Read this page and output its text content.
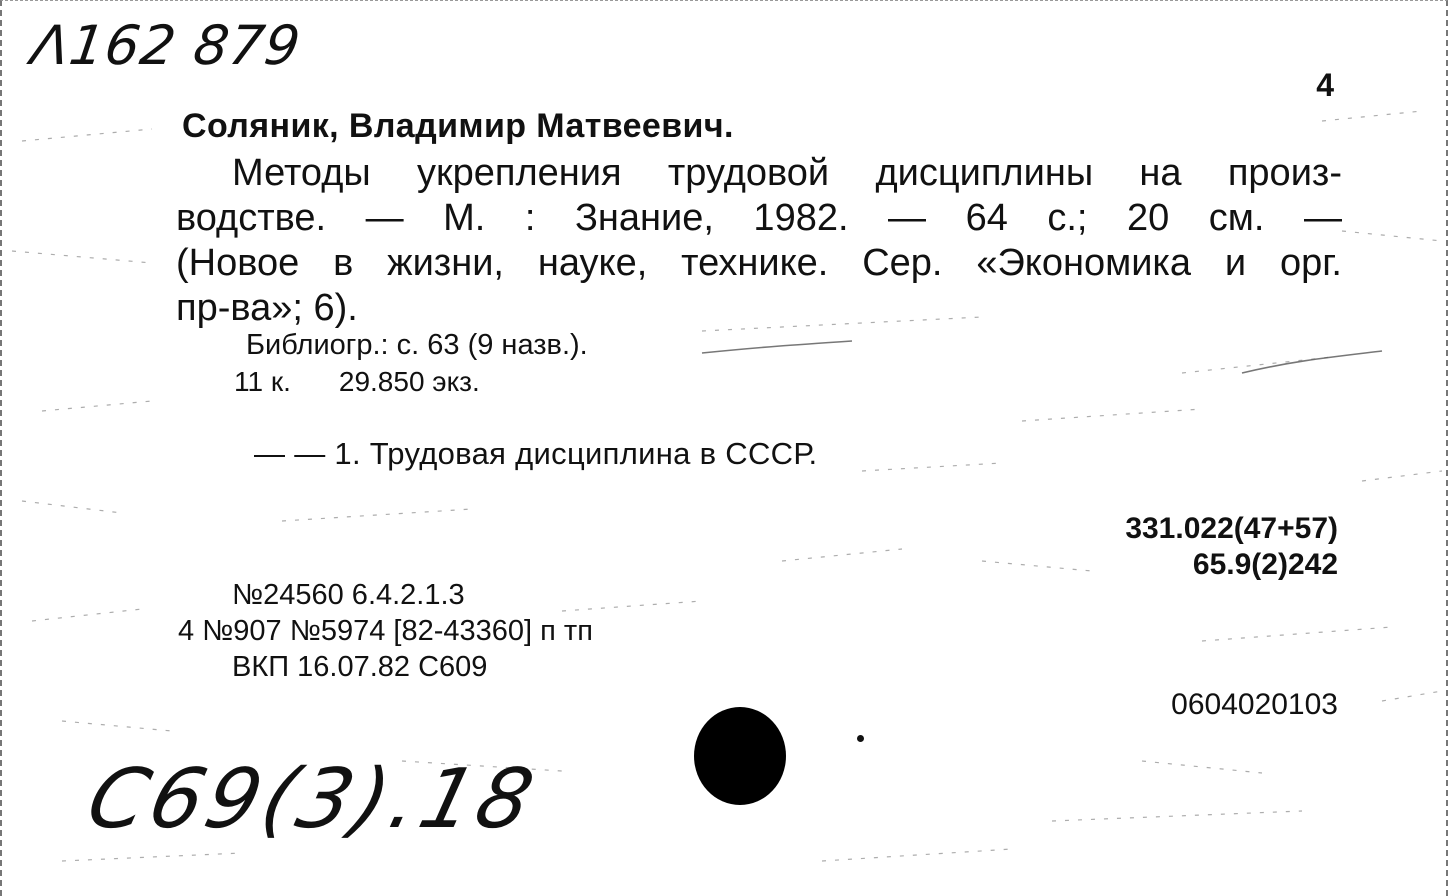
Λ162 879
4
Соляник, Владимир Матвеевич.
Методы укрепления трудовой дисциплины на произ-
водстве. — М. : Знание, 1982. — 64 с.; 20 см. —
(Новое в жизни, науке, технике. Сер. «Экономика и орг.
пр-ва»; 6).
Библиогр.: с. 63 (9 назв.).
11 к. 29.850 экз.
— — 1. Трудовая дисциплина в СССР.
331.022(47+57)
65.9(2)242
№24560 6.4.2.1.3
4 №907 №5974 [82-43360] п тп
ВКП 16.07.82 С609
0604020103
C69(3).18
